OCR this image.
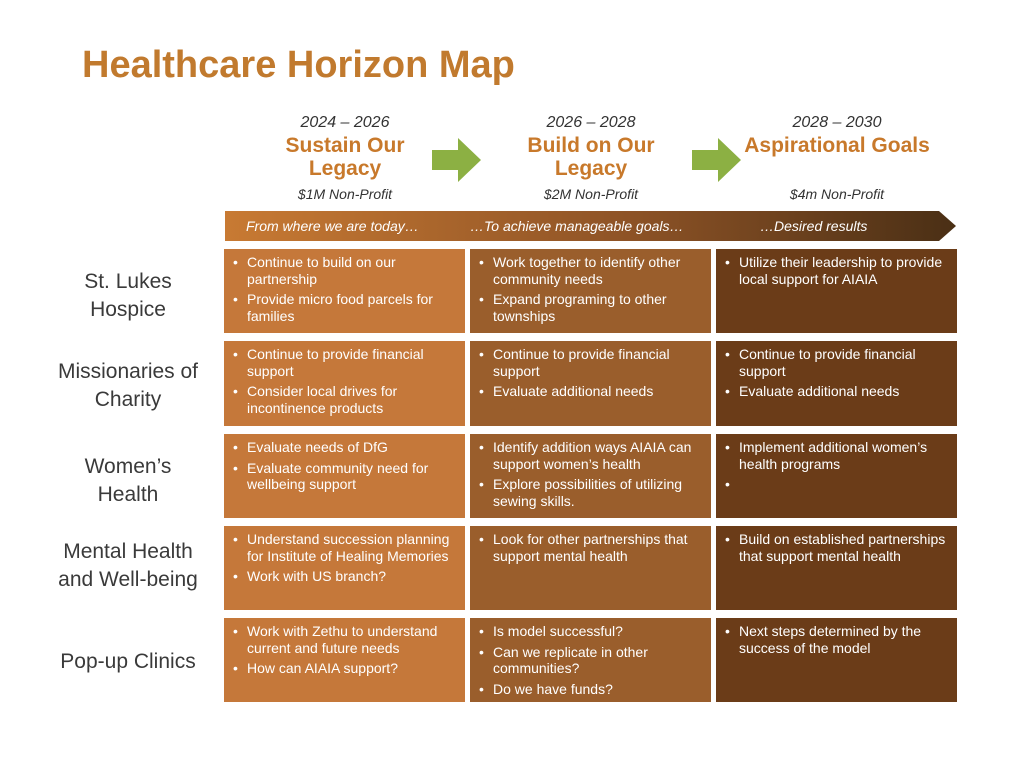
Healthcare Horizon Map
2024 – 2026
Sustain Our Legacy
$1M Non-Profit
2026 – 2028
Build on Our Legacy
$2M Non-Profit
2028 – 2030
Aspirational Goals
$4m Non-Profit
From where we are today…	…To achieve manageable goals…	…Desired results
St. Lukes Hospice
Missionaries of Charity
Women’s Health
Mental Health and Well-being
Pop-up Clinics
• Continue to build on our partnership
• Provide micro food parcels for families
• Work together to identify other community needs
• Expand programing to other townships
• Utilize their leadership to provide local support for AIAIA
• Continue to provide financial support
• Consider local drives for incontinence products
• Continue to provide financial support
• Evaluate additional needs
• Continue to provide financial support
• Evaluate additional needs
• Evaluate needs of DfG
• Evaluate community need for wellbeing support
• Identify addition ways AIAIA can support women’s health
• Explore possibilities of utilizing sewing skills.
• Implement additional women’s health programs
•
• Understand succession planning for Institute of Healing Memories
• Work with US branch?
• Look for other partnerships that support mental health
• Build on established partnerships that support mental health
• Work with Zethu to understand current and future needs
• How can AIAIA support?
• Is model successful?
• Can we replicate in other communities?
• Do we have funds?
• Next steps determined by the success of the model
